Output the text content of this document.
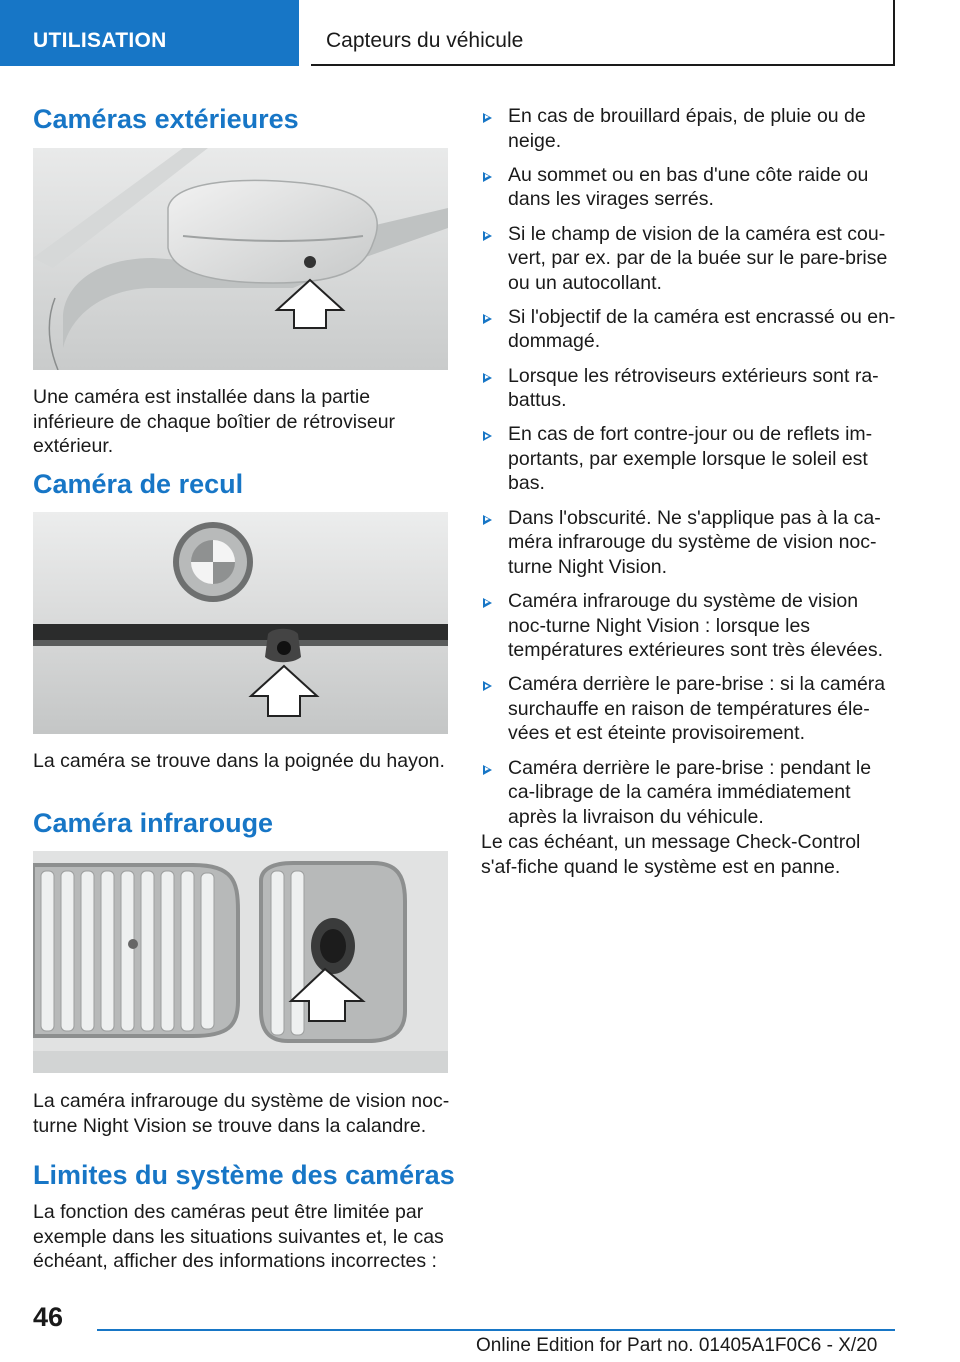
UTILISATION	Capteurs du véhicule
Caméras extérieures
Une caméra est installée dans la partie inférieure de chaque boîtier de rétroviseur extérieur.
Caméra de recul
La caméra se trouve dans la poignée du hayon.
Caméra infrarouge
La caméra infrarouge du système de vision noc-turne Night Vision se trouve dans la calandre.
Limites du système des caméras
La fonction des caméras peut être limitée par exemple dans les situations suivantes et, le cas échéant, afficher des informations incorrectes :
En cas de brouillard épais, de pluie ou de neige.
Au sommet ou en bas d'une côte raide ou dans les virages serrés.
Si le champ de vision de la caméra est cou-vert, par ex. par de la buée sur le pare-brise ou un autocollant.
Si l'objectif de la caméra est encrassé ou en-dommagé.
Lorsque les rétroviseurs extérieurs sont ra-battus.
En cas de fort contre-jour ou de reflets im-portants, par exemple lorsque le soleil est bas.
Dans l'obscurité. Ne s'applique pas à la ca-méra infrarouge du système de vision noc-turne Night Vision.
Caméra infrarouge du système de vision noc-turne Night Vision : lorsque les températures extérieures sont très élevées.
Caméra derrière le pare-brise : si la caméra surchauffe en raison de températures éle-vées et est éteinte provisoirement.
Caméra derrière le pare-brise : pendant le ca-librage de la caméra immédiatement après la livraison du véhicule.
Le cas échéant, un message Check-Control s'af-fiche quand le système est en panne.
46
Online Edition for Part no. 01405A1F0C6 - X/20
